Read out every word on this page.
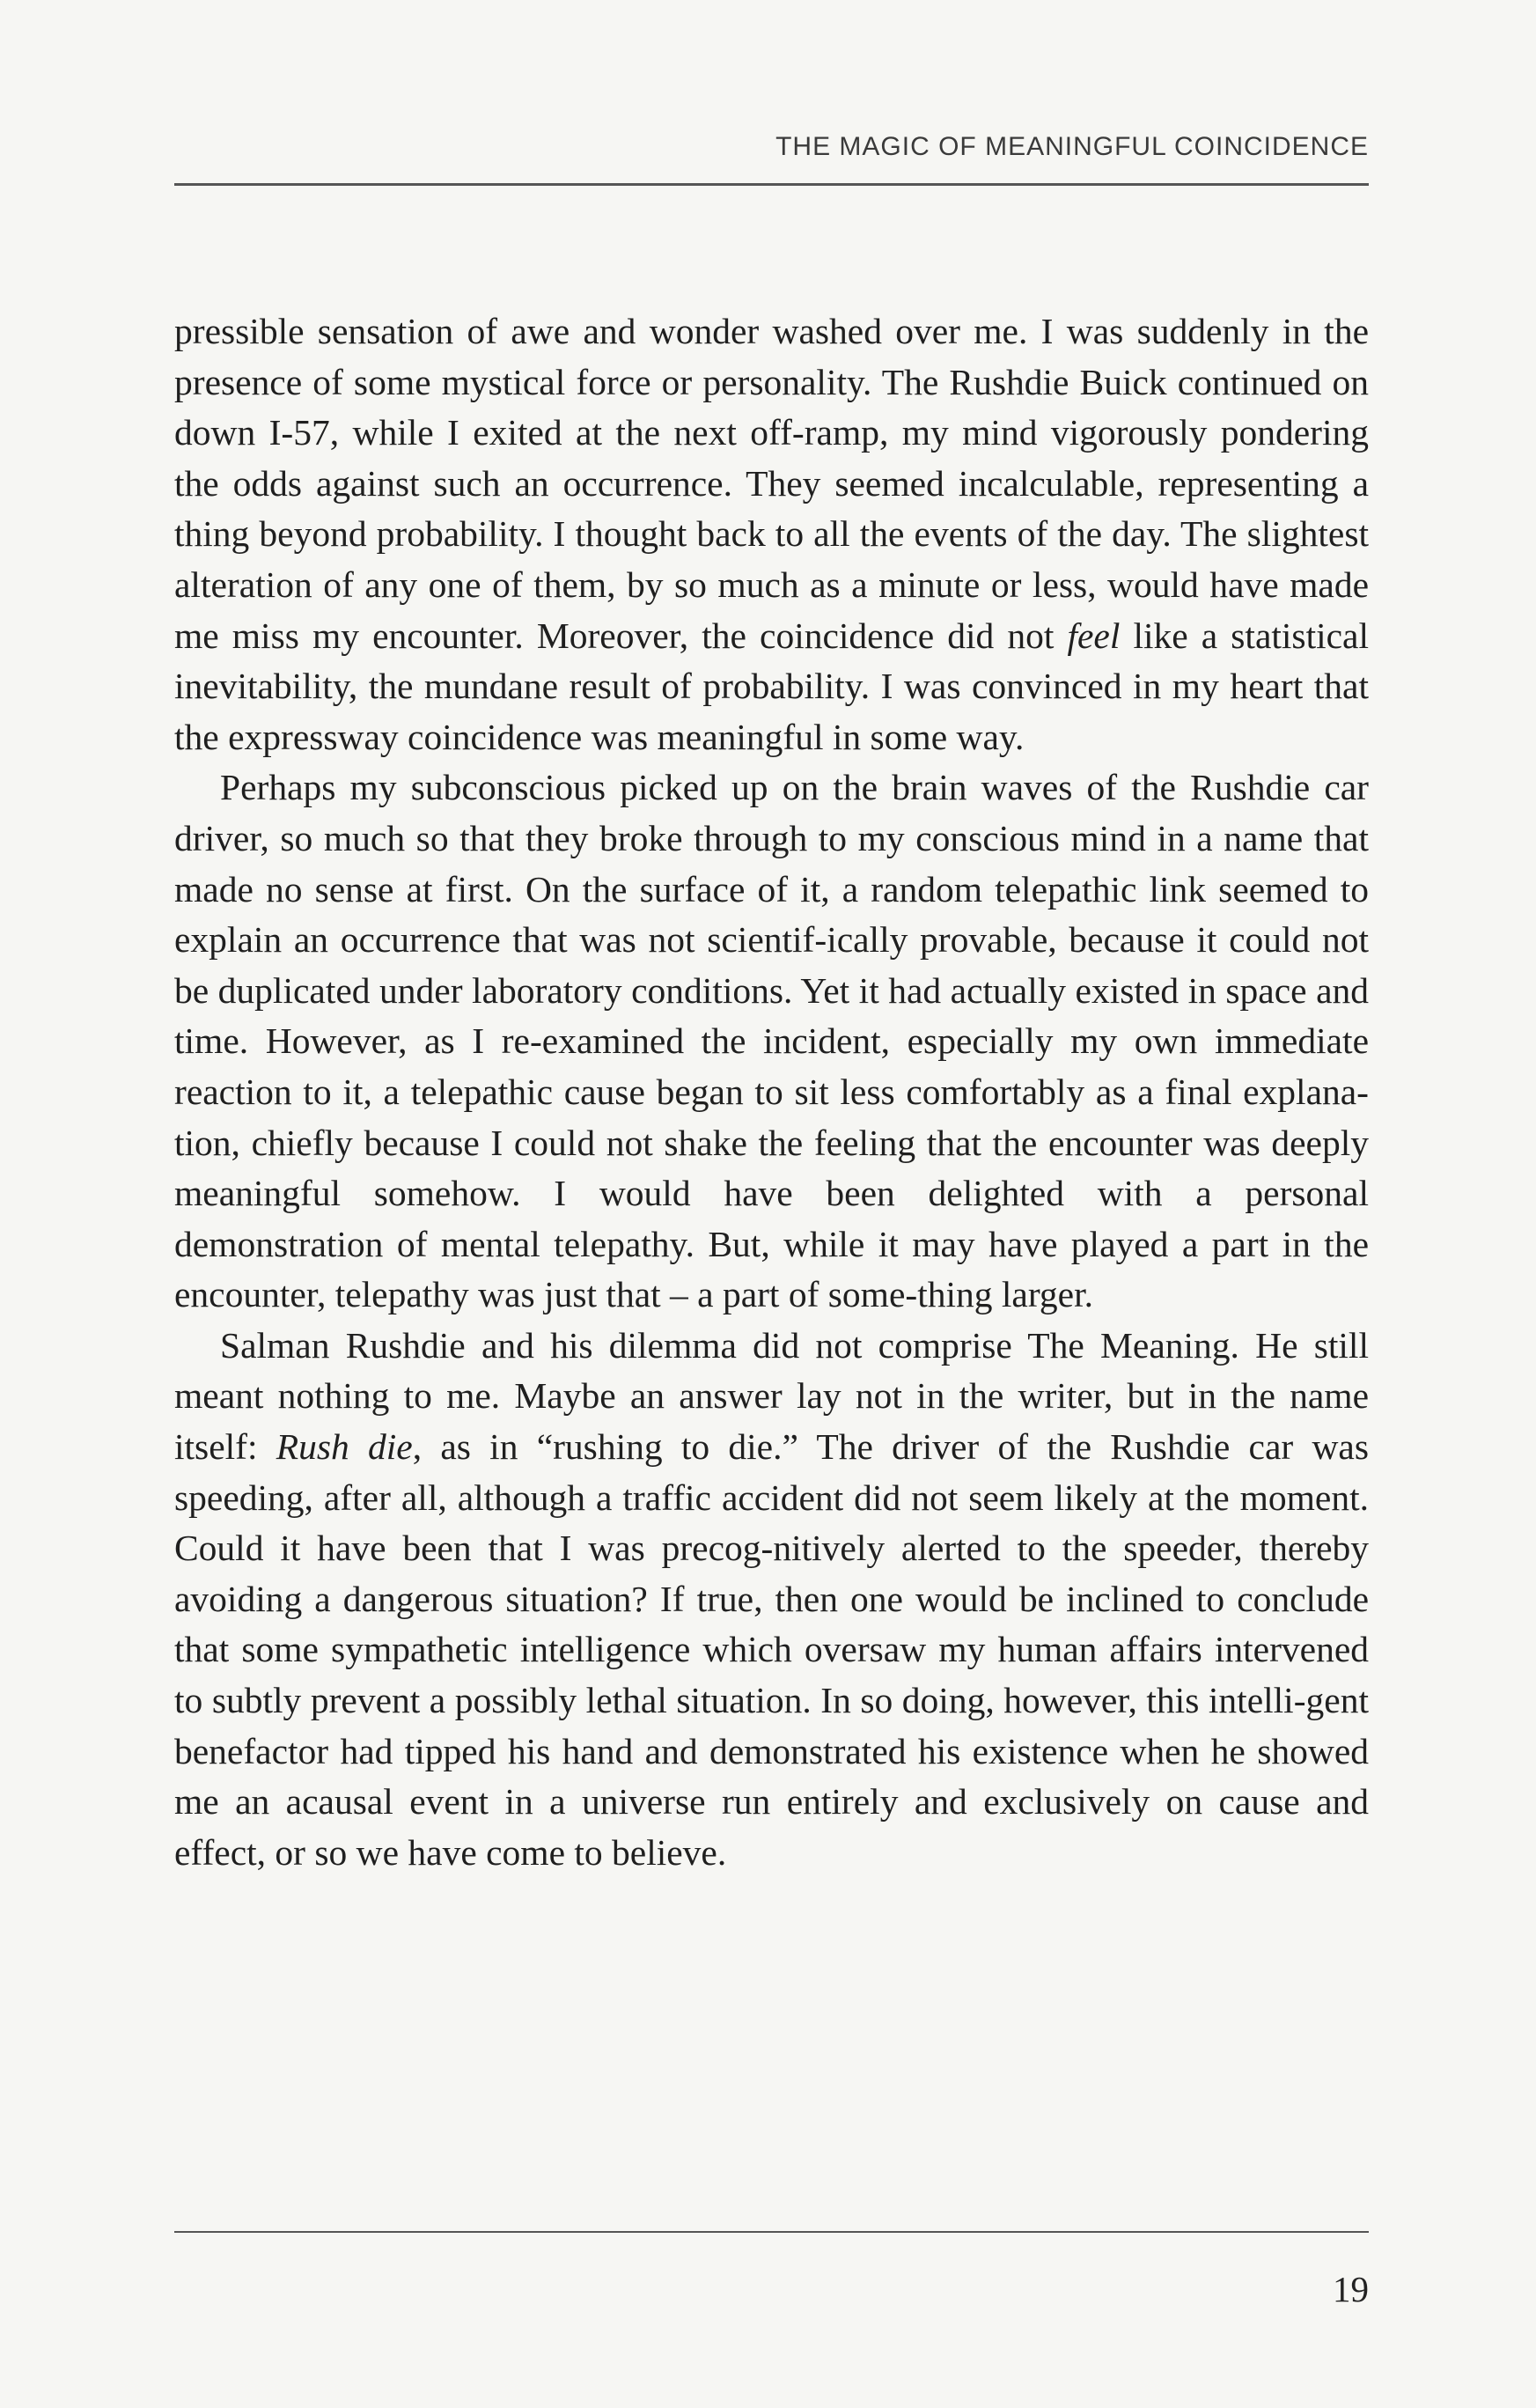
THE MAGIC OF MEANINGFUL COINCIDENCE

pressible sensation of awe and wonder washed over me. I was suddenly in the presence of some mystical force or personality. The Rushdie Buick continued on down I-57, while I exited at the next off-ramp, my mind vigorously pondering the odds against such an occurrence. They seemed incalculable, representing a thing beyond probability. I thought back to all the events of the day. The slightest alteration of any one of them, by so much as a minute or less, would have made me miss my encounter. Moreover, the coincidence did not feel like a statistical inevitability, the mundane result of probability. I was convinced in my heart that the expressway coincidence was meaningful in some way.

Perhaps my subconscious picked up on the brain waves of the Rushdie car driver, so much so that they broke through to my conscious mind in a name that made no sense at first. On the surface of it, a random telepathic link seemed to explain an occurrence that was not scientif-ically provable, because it could not be duplicated under laboratory conditions. Yet it had actually existed in space and time. However, as I re-examined the incident, especially my own immediate reaction to it, a telepathic cause began to sit less comfortably as a final explana-tion, chiefly because I could not shake the feeling that the encounter was deeply meaningful somehow. I would have been delighted with a personal demonstration of mental telepathy. But, while it may have played a part in the encounter, telepathy was just that – a part of some-thing larger.

Salman Rushdie and his dilemma did not comprise The Meaning. He still meant nothing to me. Maybe an answer lay not in the writer, but in the name itself: Rush die, as in “rushing to die.” The driver of the Rushdie car was speeding, after all, although a traffic accident did not seem likely at the moment. Could it have been that I was precog-nitively alerted to the speeder, thereby avoiding a dangerous situation? If true, then one would be inclined to conclude that some sympathetic intelligence which oversaw my human affairs intervened to subtly prevent a possibly lethal situation. In so doing, however, this intelli-gent benefactor had tipped his hand and demonstrated his existence when he showed me an acausal event in a universe run entirely and exclusively on cause and effect, or so we have come to believe.

19
